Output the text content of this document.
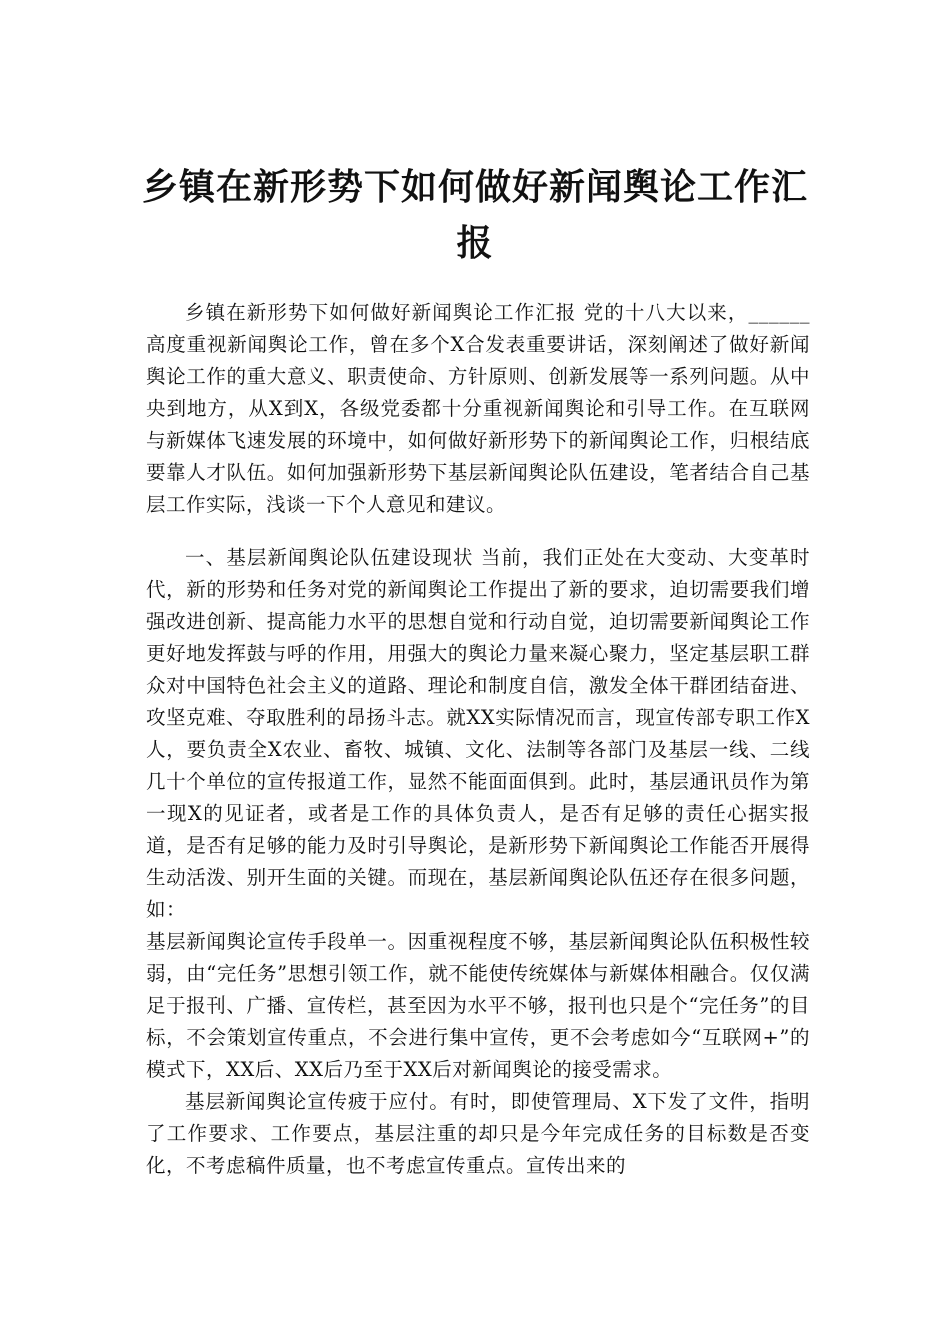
乡镇在新形势下如何做好新闻舆论工作汇报

乡镇在新形势下如何做好新闻舆论工作汇报 党的十八大以来，______高度重视新闻舆论工作，曾在多个X合发表重要讲话，深刻阐述了做好新闻舆论工作的重大意义、职责使命、方针原则、创新发展等一系列问题。从中央到地方，从X到X，各级党委都十分重视新闻舆论和引导工作。在互联网与新媒体飞速发展的环境中，如何做好新形势下的新闻舆论工作，归根结底要靠人才队伍。如何加强新形势下基层新闻舆论队伍建设，笔者结合自己基层工作实际，浅谈一下个人意见和建议。

一、基层新闻舆论队伍建设现状 当前，我们正处在大变动、大变革时代，新的形势和任务对党的新闻舆论工作提出了新的要求，迫切需要我们增强改进创新、提高能力水平的思想自觉和行动自觉，迫切需要新闻舆论工作更好地发挥鼓与呼的作用，用强大的舆论力量来凝心聚力，坚定基层职工群众对中国特色社会主义的道路、理论和制度自信，激发全体干群团结奋进、攻坚克难、夺取胜利的昂扬斗志。就XX实际情况而言，现宣传部专职工作X人，要负责全X农业、畜牧、城镇、文化、法制等各部门及基层一线、二线几十个单位的宣传报道工作，显然不能面面俱到。此时，基层通讯员作为第一现X的见证者，或者是工作的具体负责人，是否有足够的责任心据实报道，是否有足够的能力及时引导舆论，是新形势下新闻舆论工作能否开展得生动活泼、别开生面的关键。而现在，基层新闻舆论队伍还存在很多问题，如：

基层新闻舆论宣传手段单一。因重视程度不够，基层新闻舆论队伍积极性较弱，由“完任务”思想引领工作，就不能使传统媒体与新媒体相融合。仅仅满足于报刊、广播、宣传栏，甚至因为水平不够，报刊也只是个“完任务”的目标，不会策划宣传重点，不会进行集中宣传，更不会考虑如今“互联网+”的模式下，XX后、XX后乃至于XX后对新闻舆论的接受需求。

基层新闻舆论宣传疲于应付。有时，即使管理局、X下发了文件，指明了工作要求、工作要点，基层注重的却只是今年完成任务的目标数是否变化，不考虑稿件质量，也不考虑宣传重点。宣传出来的
